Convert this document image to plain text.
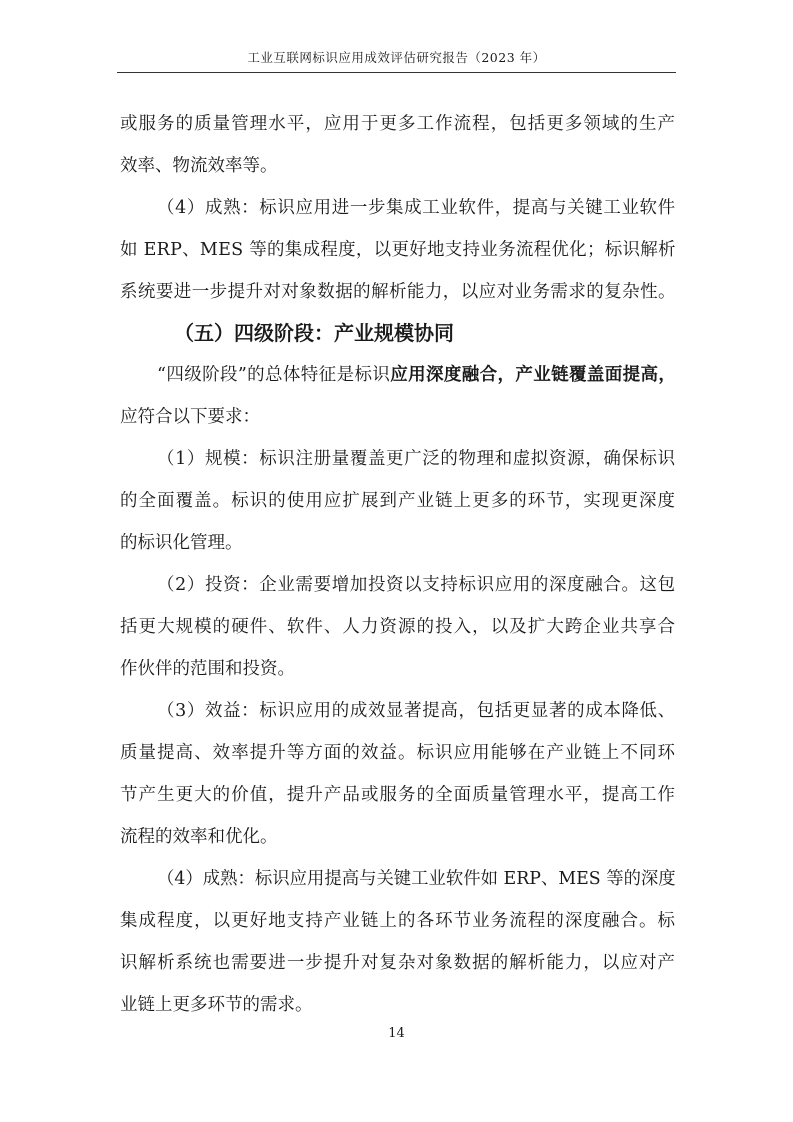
工业互联网标识应用成效评估研究报告（2023 年）
或服务的质量管理水平，应用于更多工作流程，包括更多领域的生产
效率、物流效率等。
（4）成熟：标识应用进一步集成工业软件，提高与关键工业软件
如 ERP、MES 等的集成程度，以更好地支持业务流程优化；标识解析
系统要进一步提升对对象数据的解析能力，以应对业务需求的复杂性。
（五）四级阶段：产业规模协同
“四级阶段”的总体特征是标识应用深度融合，产业链覆盖面提高，
应符合以下要求：
（1）规模：标识注册量覆盖更广泛的物理和虚拟资源，确保标识
的全面覆盖。标识的使用应扩展到产业链上更多的环节，实现更深度
的标识化管理。
（2）投资：企业需要增加投资以支持标识应用的深度融合。这包
括更大规模的硬件、软件、人力资源的投入，以及扩大跨企业共享合
作伙伴的范围和投资。
（3）效益：标识应用的成效显著提高，包括更显著的成本降低、
质量提高、效率提升等方面的效益。标识应用能够在产业链上不同环
节产生更大的价值，提升产品或服务的全面质量管理水平，提高工作
流程的效率和优化。
（4）成熟：标识应用提高与关键工业软件如 ERP、MES 等的深度
集成程度，以更好地支持产业链上的各环节业务流程的深度融合。标
识解析系统也需要进一步提升对复杂对象数据的解析能力，以应对产
业链上更多环节的需求。
14
